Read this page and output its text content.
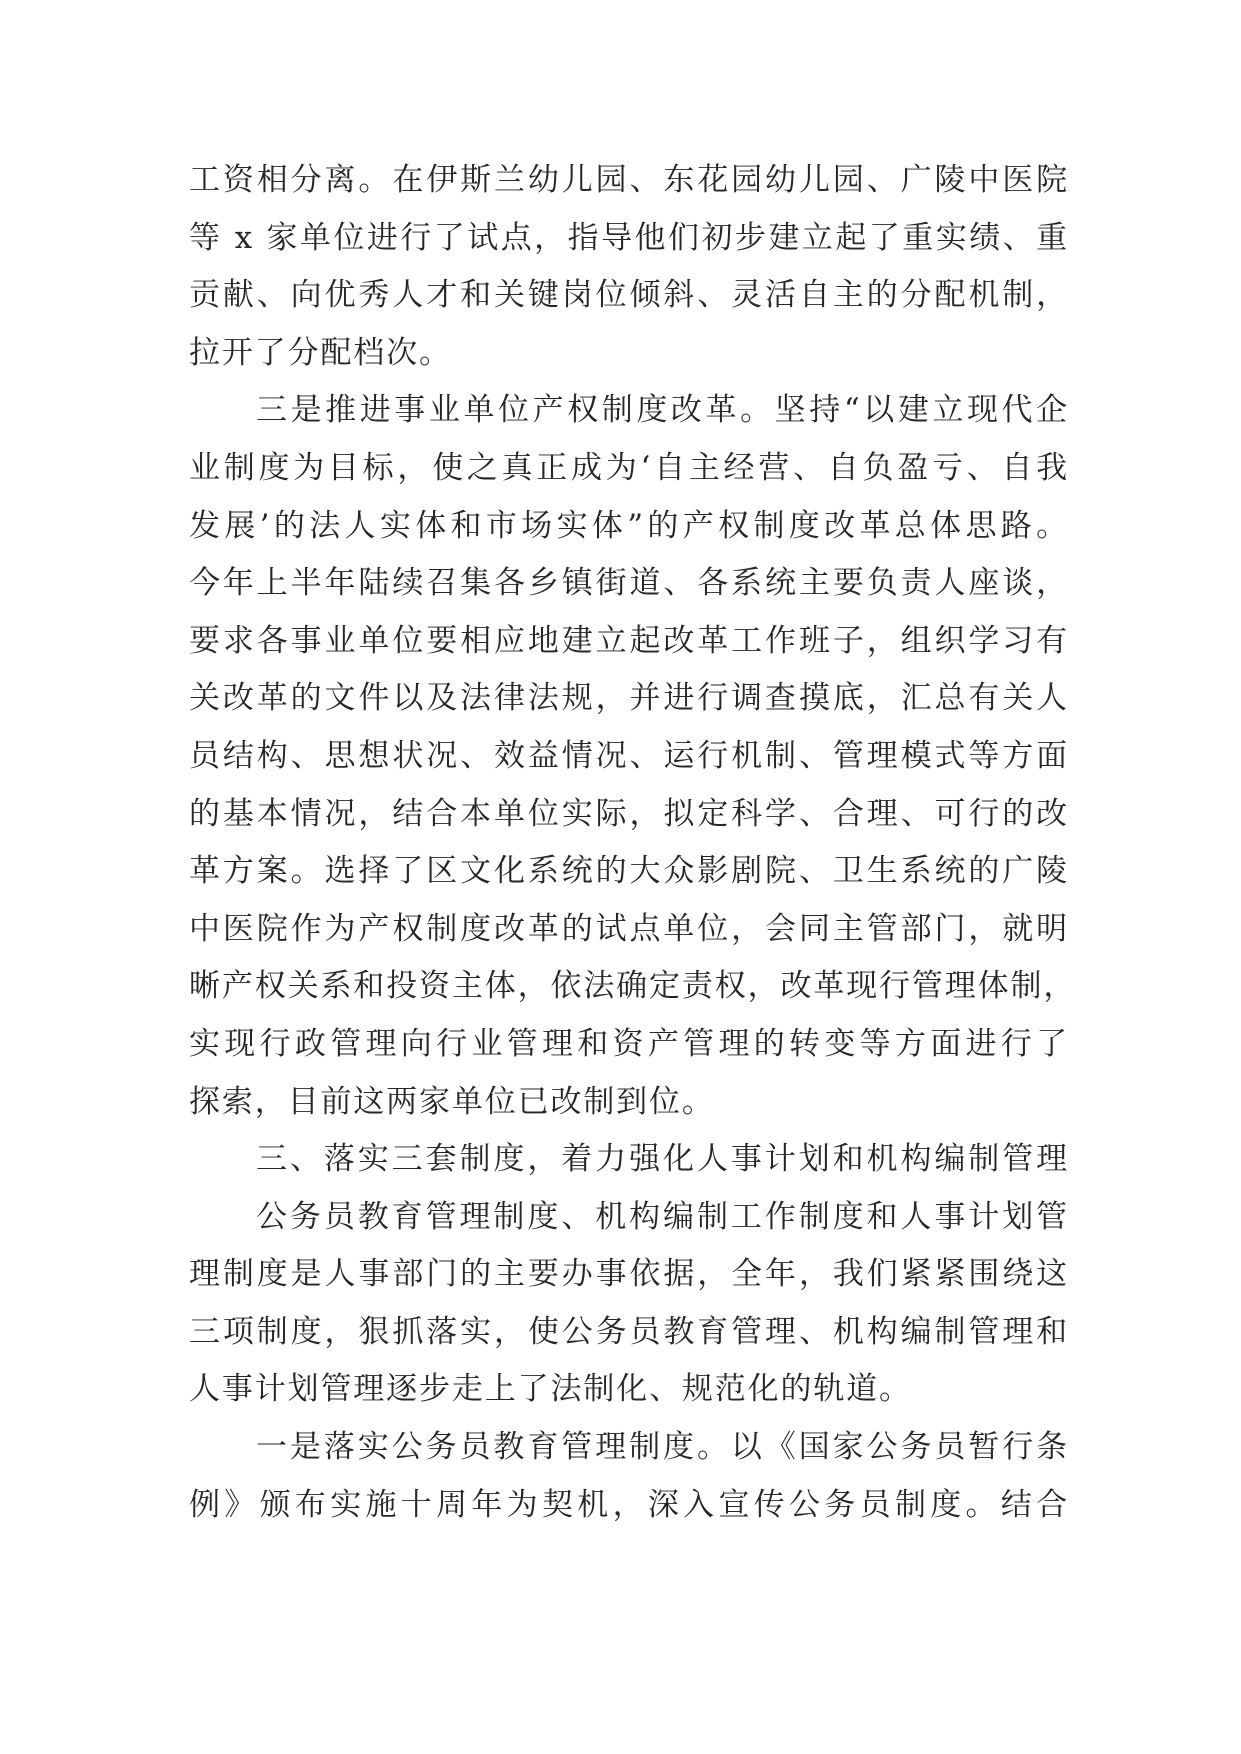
工资相分离。在伊斯兰幼儿园、东花园幼儿园、广陵中医院
等 x 家单位进行了试点，指导他们初步建立起了重实绩、重
贡献、向优秀人才和关键岗位倾斜、灵活自主的分配机制，
拉开了分配档次。
三是推进事业单位产权制度改革。坚持“以建立现代企
业制度为目标，使之真正成为‘自主经营、自负盈亏、自我
发展’的法人实体和市场实体”的产权制度改革总体思路。
今年上半年陆续召集各乡镇街道、各系统主要负责人座谈，
要求各事业单位要相应地建立起改革工作班子，组织学习有
关改革的文件以及法律法规，并进行调查摸底，汇总有关人
员结构、思想状况、效益情况、运行机制、管理模式等方面
的基本情况，结合本单位实际，拟定科学、合理、可行的改
革方案。选择了区文化系统的大众影剧院、卫生系统的广陵
中医院作为产权制度改革的试点单位，会同主管部门，就明
晰产权关系和投资主体，依法确定责权，改革现行管理体制，
实现行政管理向行业管理和资产管理的转变等方面进行了
探索，目前这两家单位已改制到位。
三、落实三套制度，着力强化人事计划和机构编制管理
公务员教育管理制度、机构编制工作制度和人事计划管
理制度是人事部门的主要办事依据，全年，我们紧紧围绕这
三项制度，狠抓落实，使公务员教育管理、机构编制管理和
人事计划管理逐步走上了法制化、规范化的轨道。
一是落实公务员教育管理制度。以《国家公务员暂行条
例》颁布实施十周年为契机，深入宣传公务员制度。结合
